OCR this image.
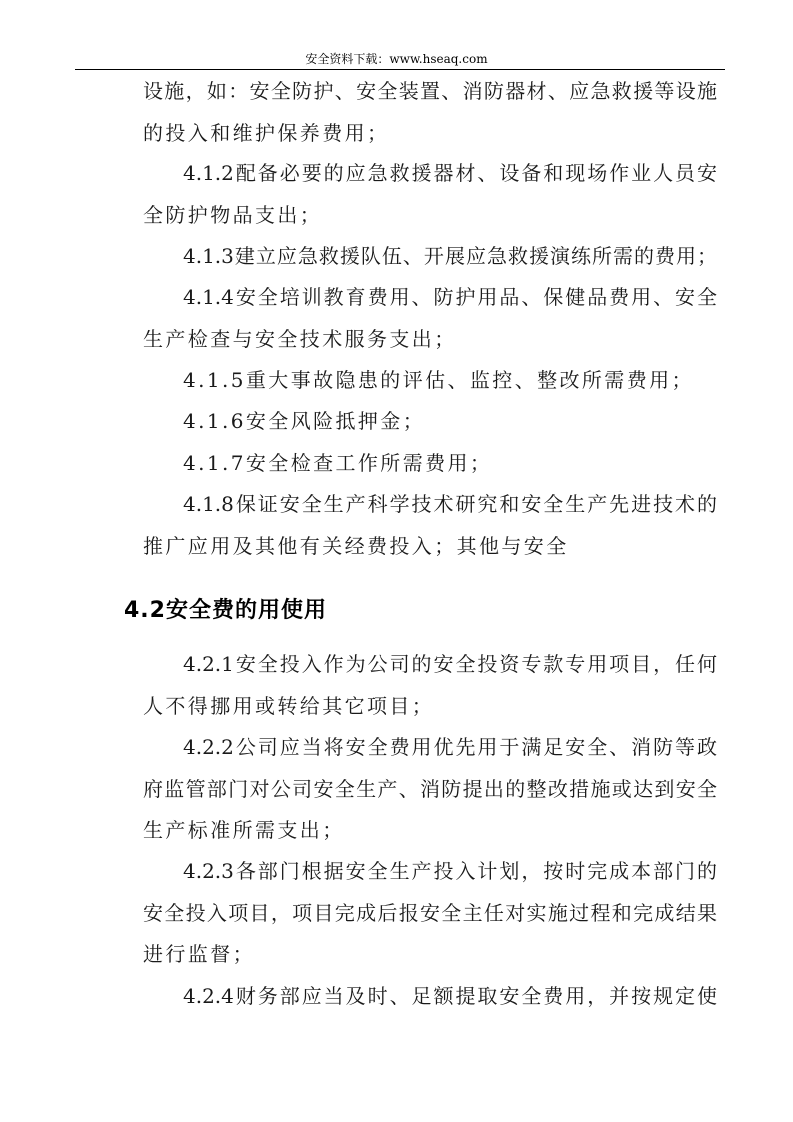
安全资料下载：www.hseaq.com
设施，如：安全防护、安全装置、消防器材、应急救援等设施
的投入和维护保养费用；
4.1.2配备必要的应急救援器材、设备和现场作业人员安
全防护物品支出；
4.1.3建立应急救援队伍、开展应急救援演练所需的费用；
4.1.4安全培训教育费用、防护用品、保健品费用、安全
生产检查与安全技术服务支出；
4.1.5重大事故隐患的评估、监控、整改所需费用；
4.1.6安全风险抵押金；
4.1.7安全检查工作所需费用；
4.1.8保证安全生产科学技术研究和安全生产先进技术的
推广应用及其他有关经费投入；其他与安全
4.2安全费的用使用
4.2.1安全投入作为公司的安全投资专款专用项目，任何
人不得挪用或转给其它项目；
4.2.2公司应当将安全费用优先用于满足安全、消防等政
府监管部门对公司安全生产、消防提出的整改措施或达到安全
生产标准所需支出；
4.2.3各部门根据安全生产投入计划，按时完成本部门的
安全投入项目，项目完成后报安全主任对实施过程和完成结果
进行监督；
4.2.4财务部应当及时、足额提取安全费用，并按规定使
